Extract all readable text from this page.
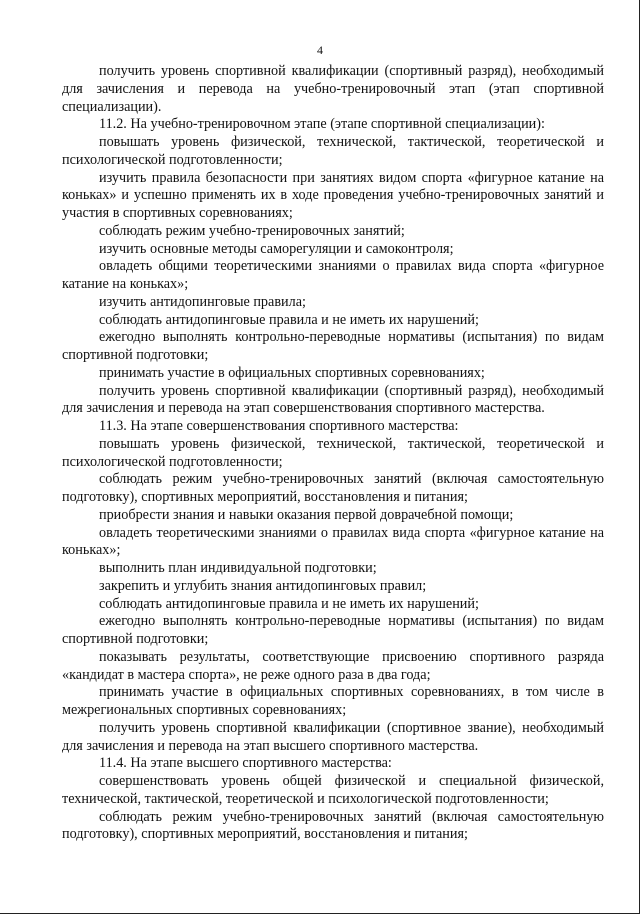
4

получить уровень спортивной квалификации (спортивный разряд), необходимый для зачисления и перевода на учебно-тренировочный этап (этап спортивной специализации).

11.2. На учебно-тренировочном этапе (этапе спортивной специализации):

повышать уровень физической, технической, тактической, теоретической и психологической подготовленности;

изучить правила безопасности при занятиях видом спорта «фигурное катание на коньках» и успешно применять их в ходе проведения учебно-тренировочных занятий и участия в спортивных соревнованиях;

соблюдать режим учебно-тренировочных занятий;

изучить основные методы саморегуляции и самоконтроля;

овладеть общими теоретическими знаниями о правилах вида спорта «фигурное катание на коньках»;

изучить антидопинговые правила;

соблюдать антидопинговые правила и не иметь их нарушений;

ежегодно выполнять контрольно-переводные нормативы (испытания) по видам спортивной подготовки;

принимать участие в официальных спортивных соревнованиях;

получить уровень спортивной квалификации (спортивный разряд), необходимый для зачисления и перевода на этап совершенствования спортивного мастерства.

11.3. На этапе совершенствования спортивного мастерства:

повышать уровень физической, технической, тактической, теоретической и психологической подготовленности;

соблюдать режим учебно-тренировочных занятий (включая самостоятельную подготовку), спортивных мероприятий, восстановления и питания;

приобрести знания и навыки оказания первой доврачебной помощи;

овладеть теоретическими знаниями о правилах вида спорта «фигурное катание на коньках»;

выполнить план индивидуальной подготовки;

закрепить и углубить знания антидопинговых правил;

соблюдать антидопинговые правила и не иметь их нарушений;

ежегодно выполнять контрольно-переводные нормативы (испытания) по видам спортивной подготовки;

показывать результаты, соответствующие присвоению спортивного разряда «кандидат в мастера спорта», не реже одного раза в два года;

принимать участие в официальных спортивных соревнованиях, в том числе в межрегиональных спортивных соревнованиях;

получить уровень спортивной квалификации (спортивное звание), необходимый для зачисления и перевода на этап высшего спортивного мастерства.

11.4. На этапе высшего спортивного мастерства:

совершенствовать уровень общей физической и специальной физической, технической, тактической, теоретической и психологической подготовленности;

соблюдать режим учебно-тренировочных занятий (включая самостоятельную подготовку), спортивных мероприятий, восстановления и питания;
